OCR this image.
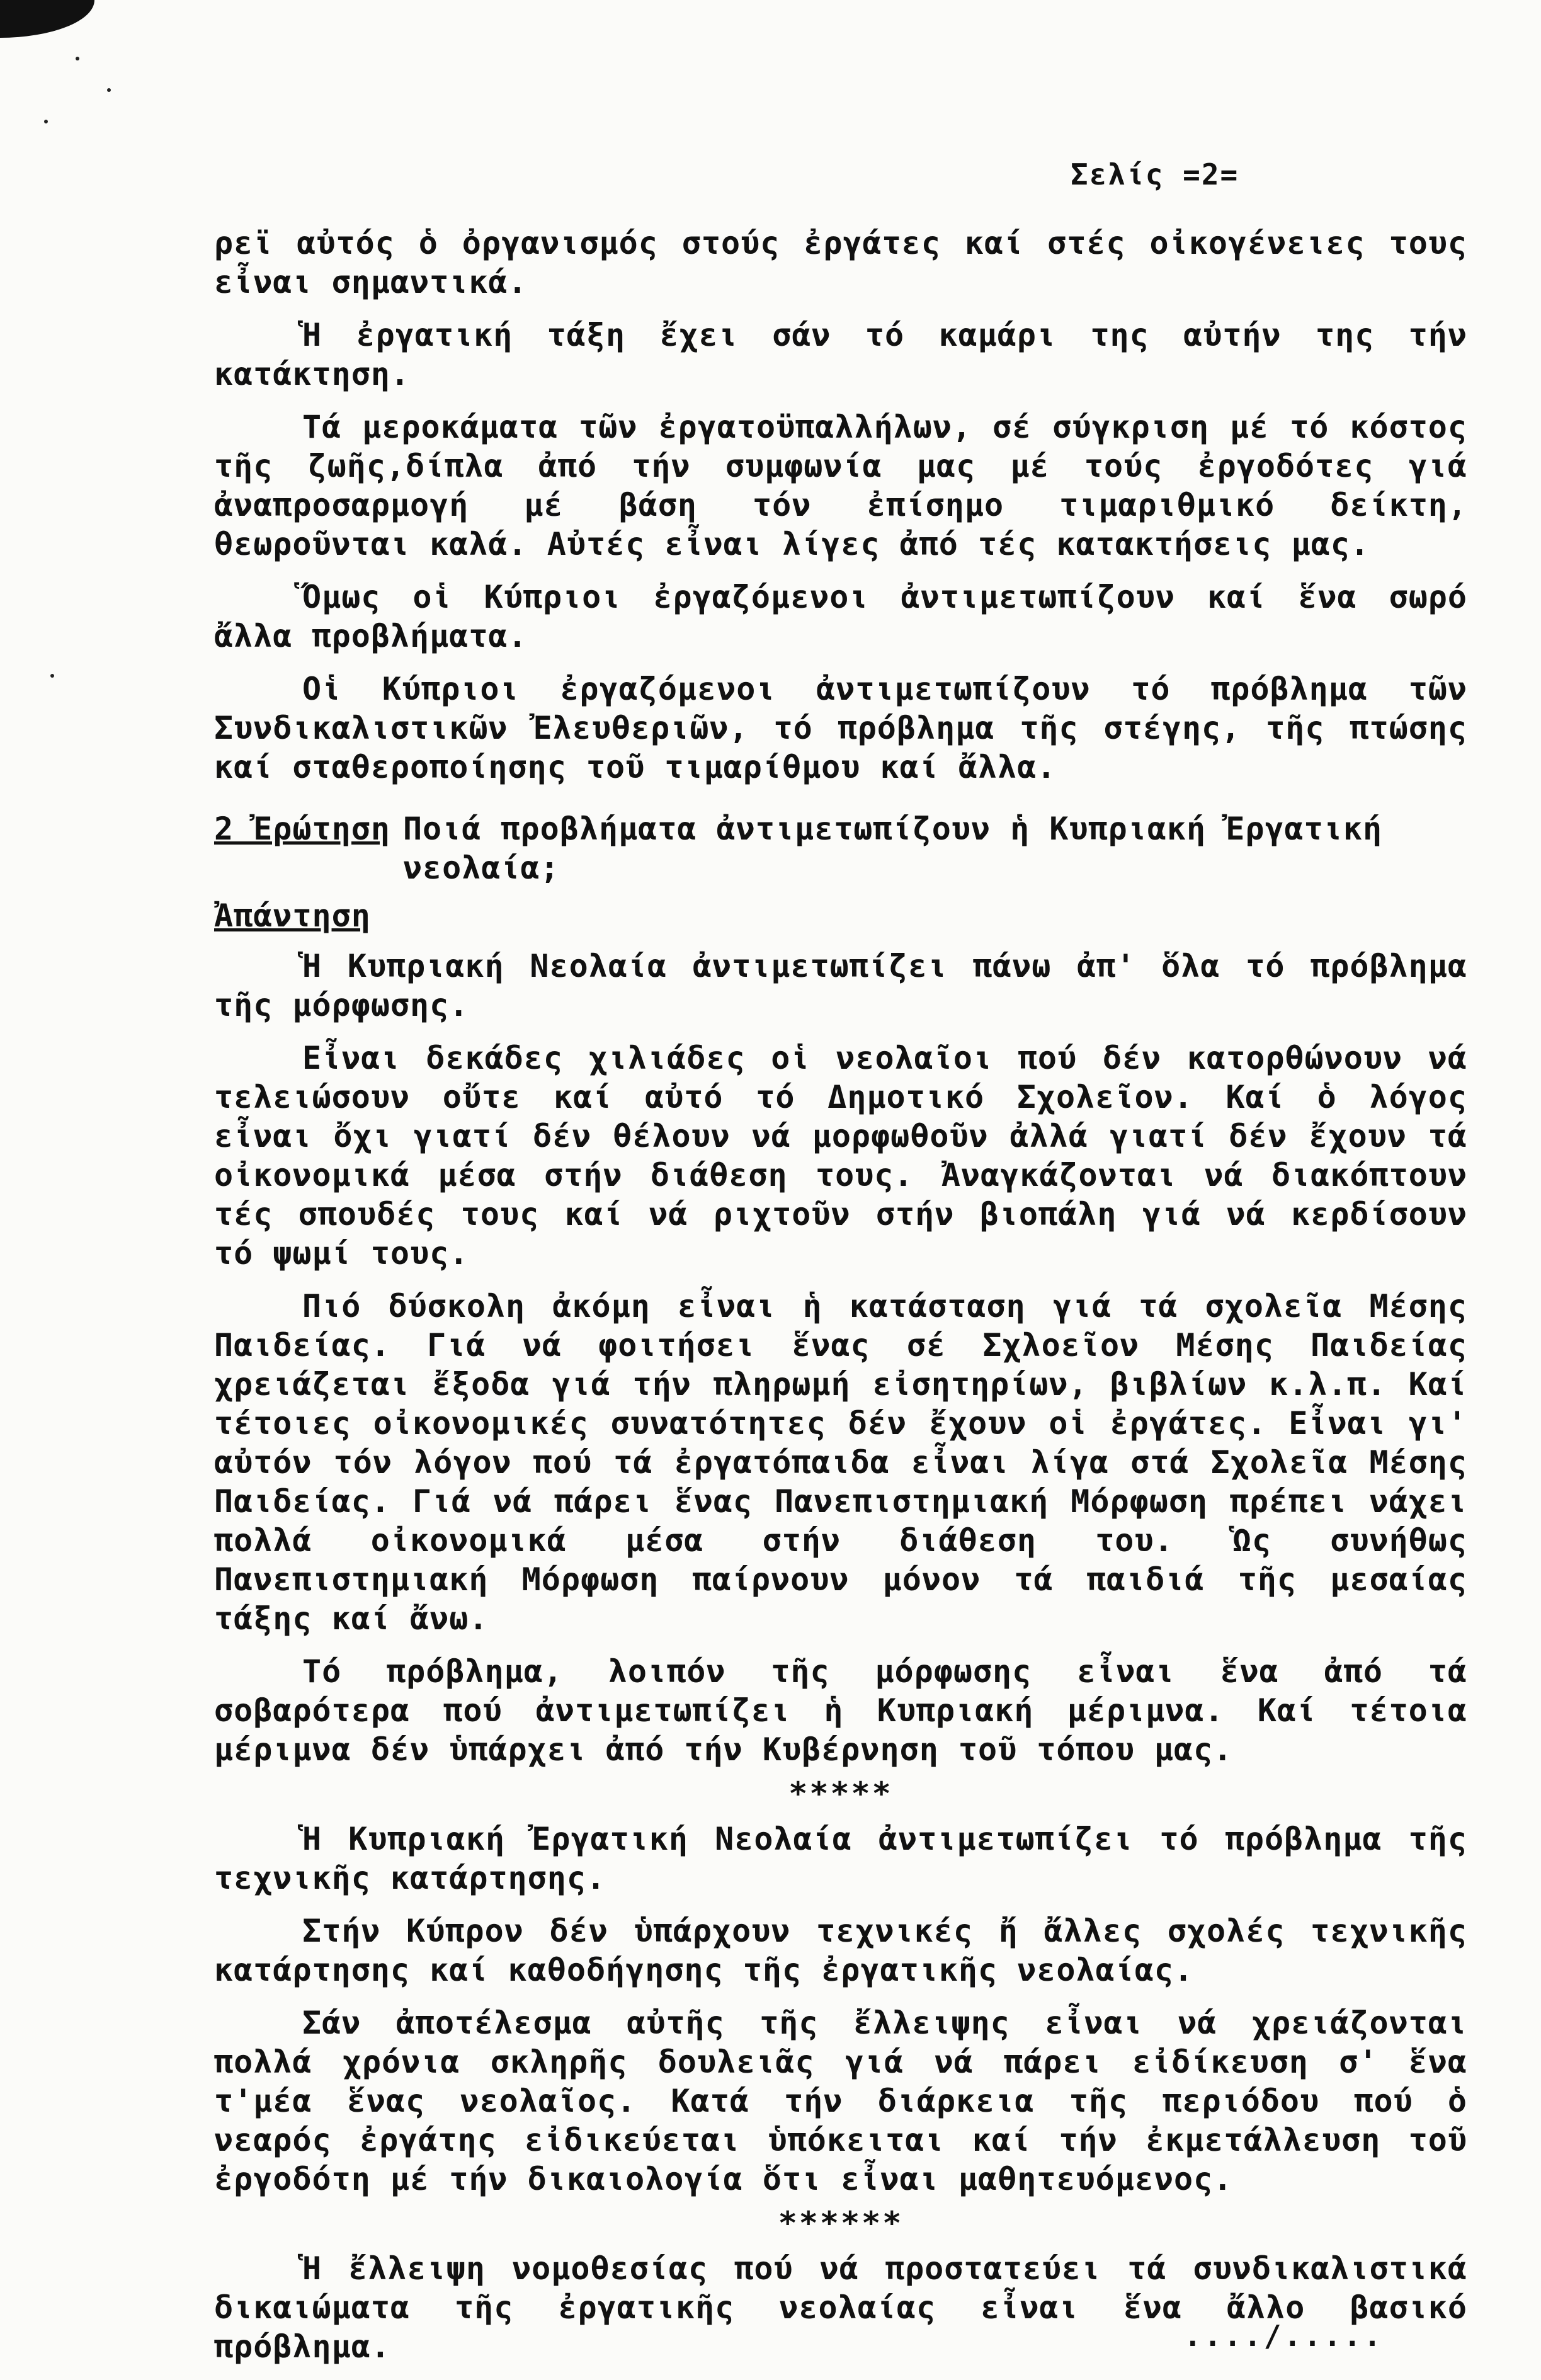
Σελίς =2=

ρεϊ αὐτός ὁ ὀργανισμός στούς ἐργάτες καί στές οἰκογένειες τους εἶναι σημαντικά.

Ἡ ἐργατική τάξη ἔχει σάν τό καμάρι της αὐτήν της τήν κατάκτηση.

Τά μεροκάματα τῶν ἐργατοϋπαλλήλων, σέ σύγκριση μέ τό κόστος τῆς ζωῆς,δίπλα ἀπό τήν συμφωνία μας μέ τούς ἐργοδότες γιά ἀναπροσαρμογή μέ βάση τόν ἐπίσημο τιμαριθμικό δείκτη, θεωροῦνται καλά. Αὐτές εἶναι λίγες ἀπό τές κατακτήσεις μας.

Ὅμως οἱ Κύπριοι ἐργαζόμενοι ἀντιμετωπίζουν καί ἕνα σωρό ἄλλα προβλήματα.

Οἱ Κύπριοι ἐργαζόμενοι ἀντιμετωπίζουν τό πρόβλημα τῶν Συνδικαλιστικῶν Ἐλευθεριῶν, τό πρόβλημα τῆς στέγης, τῆς πτώσης καί σταθεροποίησης τοῦ τιμαρίθμου καί ἄλλα.

2 Ἐρώτηση Ποιά προβλήματα ἀντιμετωπίζουν ἡ Κυπριακή Ἐργατική νεολαία;
Ἀπάντηση

Ἡ Κυπριακή Νεολαία ἀντιμετωπίζει πάνω ἀπ' ὅλα τό πρόβλημα τῆς μόρφωσης.

Εἶναι δεκάδες χιλιάδες οἱ νεολαῖοι πού δέν κατορθώνουν νά τελειώσουν οὔτε καί αὐτό τό Δημοτικό Σχολεῖον. Καί ὁ λόγος εἶναι ὄχι γιατί δέν θέλουν νά μορφωθοῦν ἀλλά γιατί δέν ἔχουν τά οἰκονομικά μέσα στήν διάθεση τους. Ἀναγκάζονται νά διακόπτουν τές σπουδές τους καί νά ριχτοῦν στήν βιοπάλη γιά νά κερδίσουν τό ψωμί τους.

Πιό δύσκολη ἀκόμη εἶναι ἡ κατάσταση γιά τά σχολεῖα Μέσης Παιδείας. Γιά νά φοιτήσει ἕνας σέ Σχλοεῖον Μέσης Παιδείας χρειάζεται ἔξοδα γιά τήν πληρωμή εἰσητηρίων, βιβλίων κ.λ.π. Καί τέτοιες οἰκονομικές συνατότητες δέν ἔχουν οἱ ἐργάτες. Εἶναι γι' αὐτόν τόν λόγον πού τά ἐργατόπαιδα εἶναι λίγα στά Σχολεῖα Μέσης Παιδείας. Γιά νά πάρει ἕνας Πανεπιστημιακή Μόρφωση πρέπει νάχει πολλά οἰκονομικά μέσα στήν διάθεση του. Ὡς συνήθως Πανεπιστημιακή Μόρφωση παίρνουν μόνον τά παιδιά τῆς μεσαίας τάξης καί ἄνω.

Τό πρόβλημα, λοιπόν τῆς μόρφωσης εἶναι ἕνα ἀπό τά σοβαρότερα πού ἀντιμετωπίζει ἡ Κυπριακή μέριμνα. Καί τέτοια μέριμνα δέν ὑπάρχει ἀπό τήν Κυβέρνηση τοῦ τόπου μας.

*****

Ἡ Κυπριακή Ἐργατική Νεολαία ἀντιμετωπίζει τό πρόβλημα τῆς τεχνικῆς κατάρτησης.

Στήν Κύπρον δέν ὑπάρχουν τεχνικές ἤ ἄλλες σχολές τεχνικῆς κατάρτησης καί καθοδήγησης τῆς ἐργατικῆς νεολαίας.

Σάν ἀποτέλεσμα αὐτῆς τῆς ἔλλειψης εἶναι νά χρειάζονται πολλά χρόνια σκληρῆς δουλειᾶς γιά νά πάρει εἰδίκευση σ' ἕνα τ'μέα ἕνας νεολαῖος. Κατά τήν διάρκεια τῆς περιόδου πού ὁ νεαρός ἐργάτης εἰδικεύεται ὑπόκειται καί τήν ἐκμετάλλευση τοῦ ἐργοδότη μέ τήν δικαιολογία ὅτι εἶναι μαθητευόμενος.

******

Ἡ ἔλλειψη νομοθεσίας πού νά προστατεύει τά συνδικαλιστικά δικαιώματα τῆς ἐργατικῆς νεολαίας εἶναι ἕνα ἄλλο βασικό πρόβλημα.	..../.....
